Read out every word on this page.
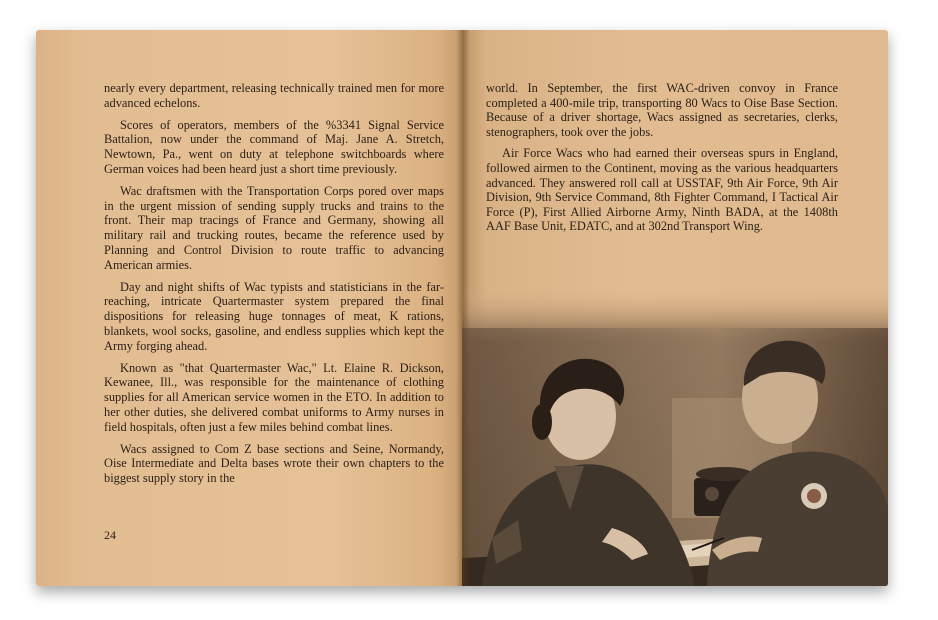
nearly every department, releasing technically trained men for more advanced echelons.

Scores of operators, members of the %3341 Signal Service Battalion, now under the command of Maj. Jane A. Stretch, Newtown, Pa., went on duty at telephone switchboards where German voices had been heard just a short time previously.

Wac draftsmen with the Transportation Corps pored over maps in the urgent mission of sending supply trucks and trains to the front. Their map tracings of France and Germany, showing all military rail and trucking routes, became the reference used by Planning and Control Division to route traffic to advancing American armies.

Day and night shifts of Wac typists and statisticians in the far-reaching, intricate Quartermaster system prepared the final dispositions for releasing huge tonnages of meat, K rations, blankets, wool socks, gasoline, and endless supplies which kept the Army forging ahead.

Known as "that Quartermaster Wac," Lt. Elaine R. Dickson, Kewanee, Ill., was responsible for the maintenance of clothing supplies for all American service women in the ETO. In addition to her other duties, she delivered combat uniforms to Army nurses in field hospitals, often just a few miles behind combat lines.

Wacs assigned to Com Z base sections and Seine, Normandy, Oise Intermediate and Delta bases wrote their own chapters to the biggest supply story in the

24

world. In September, the first WAC-driven convoy in France completed a 400-mile trip, transporting 80 Wacs to Oise Base Section. Because of a driver shortage, Wacs assigned as secretaries, clerks, stenographers, took over the jobs.

Air Force Wacs who had earned their overseas spurs in England, followed airmen to the Continent, moving as the various headquarters advanced. They answered roll call at USSTAF, 9th Air Force, 9th Air Division, 9th Service Command, 8th Fighter Command, I Tactical Air Force (P), First Allied Airborne Army, Ninth BADA, at the 1408th AAF Base Unit, EDATC, and at 302nd Transport Wing.
